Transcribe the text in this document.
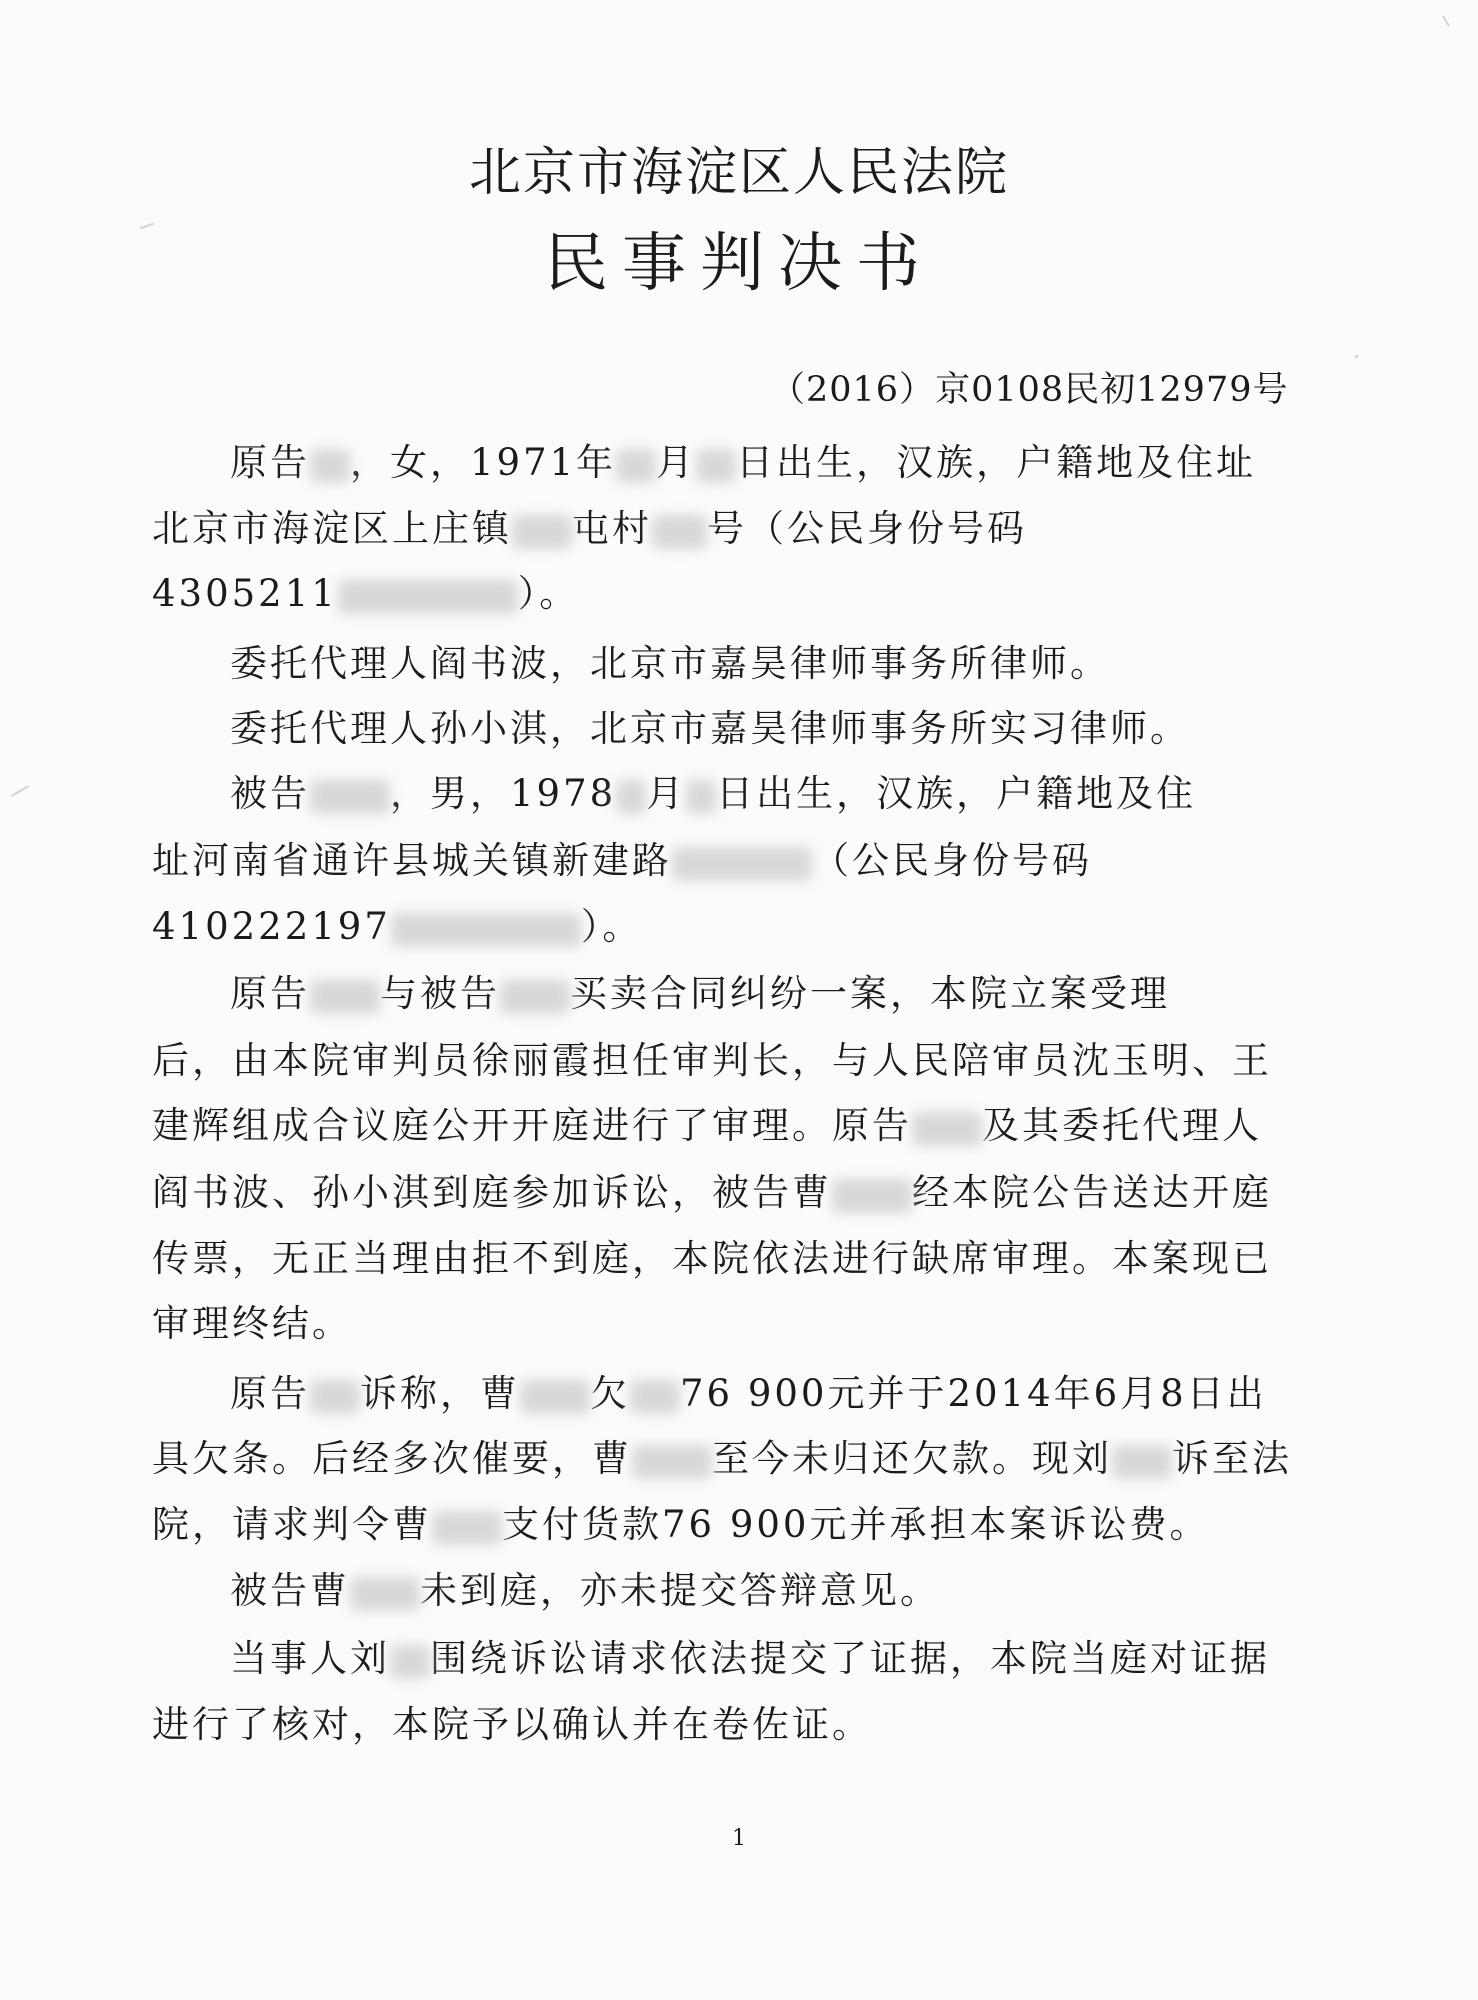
北京市海淀区人民法院
民事判决书
（2016）京0108民初12979号
原告 ，女，1971年 月 日出生，汉族，户籍地及住址
北京市海淀区上庄镇 屯村 号（公民身份号码
4305211	）。
委托代理人阎书波，北京市嘉昊律师事务所律师。
委托代理人孙小淇，北京市嘉昊律师事务所实习律师。
被告 ，男，1978 月 日出生，汉族，户籍地及住
址河南省通许县城关镇新建路	（公民身份号码
410222197	）。
原告 与被告 买卖合同纠纷一案，本院立案受理
后，由本院审判员徐丽霞担任审判长，与人民陪审员沈玉明、王
建辉组成合议庭公开开庭进行了审理。原告 及其委托代理人
阎书波、孙小淇到庭参加诉讼，被告曹 经本院公告送达开庭
传票，无正当理由拒不到庭，本院依法进行缺席审理。本案现已
审理终结。
原告 诉称，曹 欠 76 900元并于2014年6月8日出
具欠条。后经多次催要，曹 至今未归还欠款。现刘 诉至法
院，请求判令曹 支付货款76 900元并承担本案诉讼费。
被告曹 未到庭，亦未提交答辩意见。
当事人刘 围绕诉讼请求依法提交了证据，本院当庭对证据
进行了核对，本院予以确认并在卷佐证。
1
